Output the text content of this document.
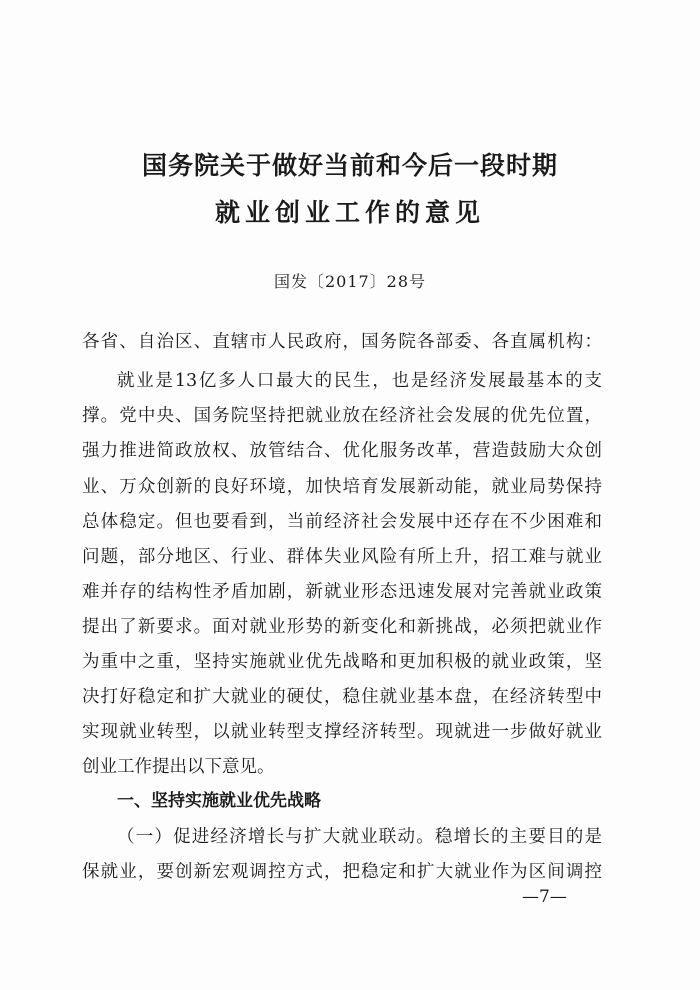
国务院关于做好当前和今后一段时期
就业创业工作的意见
国发〔2017〕28号
各省、自治区、直辖市人民政府，国务院各部委、各直属机构：
就业是13亿多人口最大的民生，也是经济发展最基本的支
撑。党中央、国务院坚持把就业放在经济社会发展的优先位置，
强力推进简政放权、放管结合、优化服务改革，营造鼓励大众创
业、万众创新的良好环境，加快培育发展新动能，就业局势保持
总体稳定。但也要看到，当前经济社会发展中还存在不少困难和
问题，部分地区、行业、群体失业风险有所上升，招工难与就业
难并存的结构性矛盾加剧，新就业形态迅速发展对完善就业政策
提出了新要求。面对就业形势的新变化和新挑战，必须把就业作
为重中之重，坚持实施就业优先战略和更加积极的就业政策，坚
决打好稳定和扩大就业的硬仗，稳住就业基本盘，在经济转型中
实现就业转型，以就业转型支撑经济转型。现就进一步做好就业
创业工作提出以下意见。
一、坚持实施就业优先战略
（一）促进经济增长与扩大就业联动。稳增长的主要目的是
保就业，要创新宏观调控方式，把稳定和扩大就业作为区间调控
—7—
